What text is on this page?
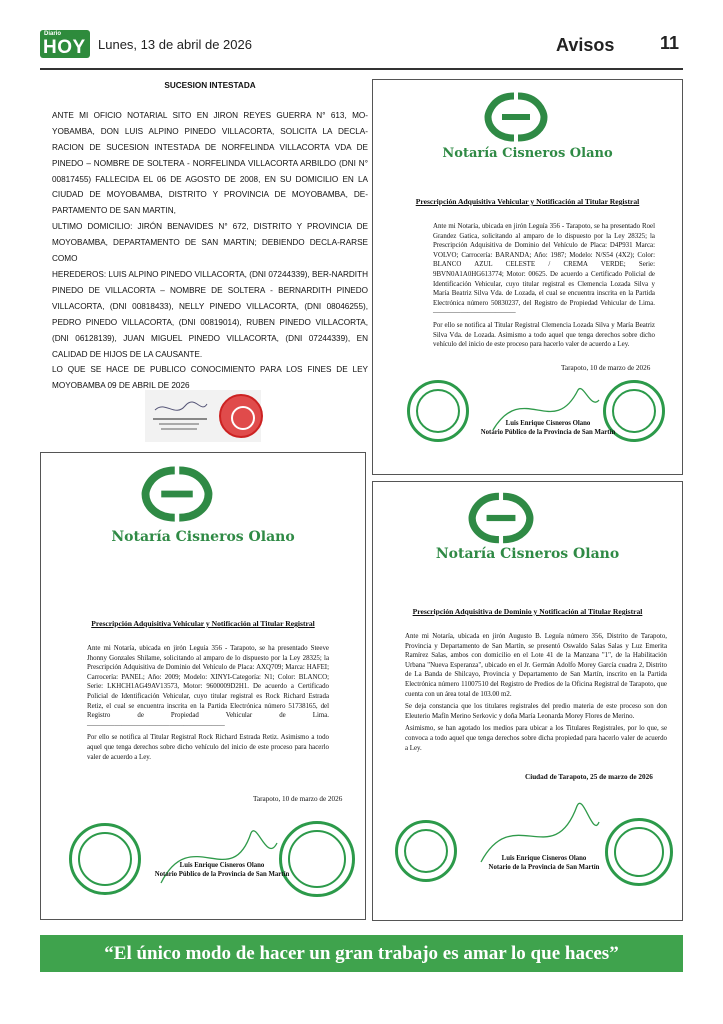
Diario
HOY Lunes, 13 de abril de 2026	Avisos	11
SUCESION INTESTADA

ANTE MI OFICIO NOTARIAL SITO EN JIRON REYES GUERRA N° 613, MO-YOBAMBA, DON LUIS ALPINO PINEDO VILLACORTA, SOLICITA LA DECLA-RACION DE SUCESION INTESTADA DE NORFELINDA VILLACORTA VDA DE PINEDO – NOMBRE DE SOLTERA - NORFELINDA VILLACORTA ARBILDO (DNI N° 00817455) FALLECIDA EL 06 DE AGOSTO DE 2008, EN SU DOMICILIO EN LA CIUDAD DE MOYOBAMBA, DISTRITO Y PROVINCIA DE MOYOBAMBA, DE-PARTAMENTO DE SAN MARTIN,

ULTIMO DOMICILIO: JIRÓN BENAVIDES N° 672, DISTRITO Y PROVINCIA DE MOYOBAMBA, DEPARTAMENTO DE SAN MARTIN; DEBIENDO DECLA-RARSE COMO

HEREDEROS: LUIS ALPINO PINEDO VILLACORTA, (DNI 07244339), BER-NARDITH PINEDO DE VILLACORTA – NOMBRE DE SOLTERA - BERNARDITH PINEDO VILLACORTA, (DNI 00818433), NELLY PINEDO VILLACORTA, (DNI 08046255), PEDRO PINEDO VILLACORTA, (DNI 00819014), RUBEN PINEDO VILLACORTA, (DNI 06128139), JUAN MIGUEL PINEDO VILLACORTA, (DNI 07244339), EN CALIDAD DE HIJOS DE LA CAUSANTE.

LO QUE SE HACE DE PUBLICO CONOCIMIENTO PARA LOS FINES DE LEY MOYOBAMBA 09 DE ABRIL DE 2026

Notaría Cisneros Olano
Prescripción Adquisitiva Vehicular y Notificación al Titular Registral

Ante mi Notaría, ubicada en jirón Leguía 356 - Tarapoto, se ha presentado Roel Grandez Gatica, solicitando al amparo de lo dispuesto por la Ley 28325; la Prescripción Adquisitiva de Dominio del Vehículo de Placa: D4P931 Marca: VOLVO; Carrocería: BARANDA; Año: 1987; Modelo: N/S54 (4X2); Color: BLANCO AZUL CELESTE / CREMA VERDE; Serie: 9BVN0A1A0HG613774; Motor: 00625. De acuerdo a Certificado Policial de Identificación Vehicular, cuyo titular registral es Clemencia Lozada Silva y María Beatriz Silva Vda. de Lozada, el cual se encuentra inscrita en la Partida Electrónica número 50830237, del Registro de Propiedad Vehicular de Lima. ————————————

Por ello se notifica al Titular Registral Clemencia Lozada Silva y María Beatriz Silva Vda. de Lozada. Asimismo a todo aquel que tenga derechos sobre dicho vehículo del inicio de este proceso para hacerlo valer de acuerdo a Ley.

Tarapoto, 10 de marzo de 2026
Luis Enrique Cisneros Olano
Notario Público de la Provincia de San Martín
Notaría Cisneros Olano
Prescripción Adquisitiva Vehicular y Notificación al Titular Registral

Ante mi Notaría, ubicada en jirón Leguía 356 - Tarapoto, se ha presentado Steeve Jhonny Gonzales Shilame, solicitando al amparo de lo dispuesto por la Ley 28325; la Prescripción Adquisitiva de Dominio del Vehículo de Placa: AXQ709; Marca: HAFEI; Carrocería: PANEL; Año: 2009; Modelo: XINYI-Categoría: N1; Color: BLANCO; Serie: LKHCH1AG49AV13573, Motor: 9600009D2H1. De acuerdo a Certificado Policial de Identificación Vehicular, cuyo titular registral es Rock Richard Estrada Retiz, el cual se encuentra inscrita en la Partida Electrónica número 51738165, del Registro de Propiedad Vehicular de Lima. ————————————————————

Por ello se notifica al Titular Registral Rock Richard Estrada Retiz. Asimismo a todo aquel que tenga derechos sobre dicho vehículo del inicio de este proceso para hacerlo valer de acuerdo a Ley.

Tarapoto, 10 de marzo de 2026
Luis Enrique Cisneros Olano
Notario Público de la Provincia de San Martín
Notaría Cisneros Olano
Prescripción Adquisitiva de Dominio y Notificación al Titular Registral

Ante mi Notaría, ubicada en jirón Augusto B. Leguía número 356, Distrito de Tarapoto, Provincia y Departamento de San Martín, se presentó Oswaldo Salas Salas y Luz Emerita Ramírez Salas, ambos con domicilio en el Lote 41 de la Manzana "1", de la Habilitación Urbana "Nueva Esperanza", ubicado en el Jr. Germán Adolfo Morey García cuadra 2, Distrito de La Banda de Shilcayo, Provincia y Departamento de San Martín, inscrito en la Partida Electrónica número 11007510 del Registro de Predios de la Oficina Registral de Tarapoto, que cuenta con un área total de 103.00 m2.

Se deja constancia que los titulares registrales del predio materia de este proceso son don Eleuterio Mafín Merino Serkovic y doña María Leonarda Morey Flores de Merino.

Asimismo, se han agotado los medios para ubicar a los Titulares Registrales, por lo que, se convoca a todo aquel que tenga derechos sobre dicha propiedad para hacerlo valer de acuerdo a Ley.

Ciudad de Tarapoto, 25 de marzo de 2026
Luis Enrique Cisneros Olano
Notario de la Provincia de San Martín
“El único modo de hacer un gran trabajo es amar lo que haces”
